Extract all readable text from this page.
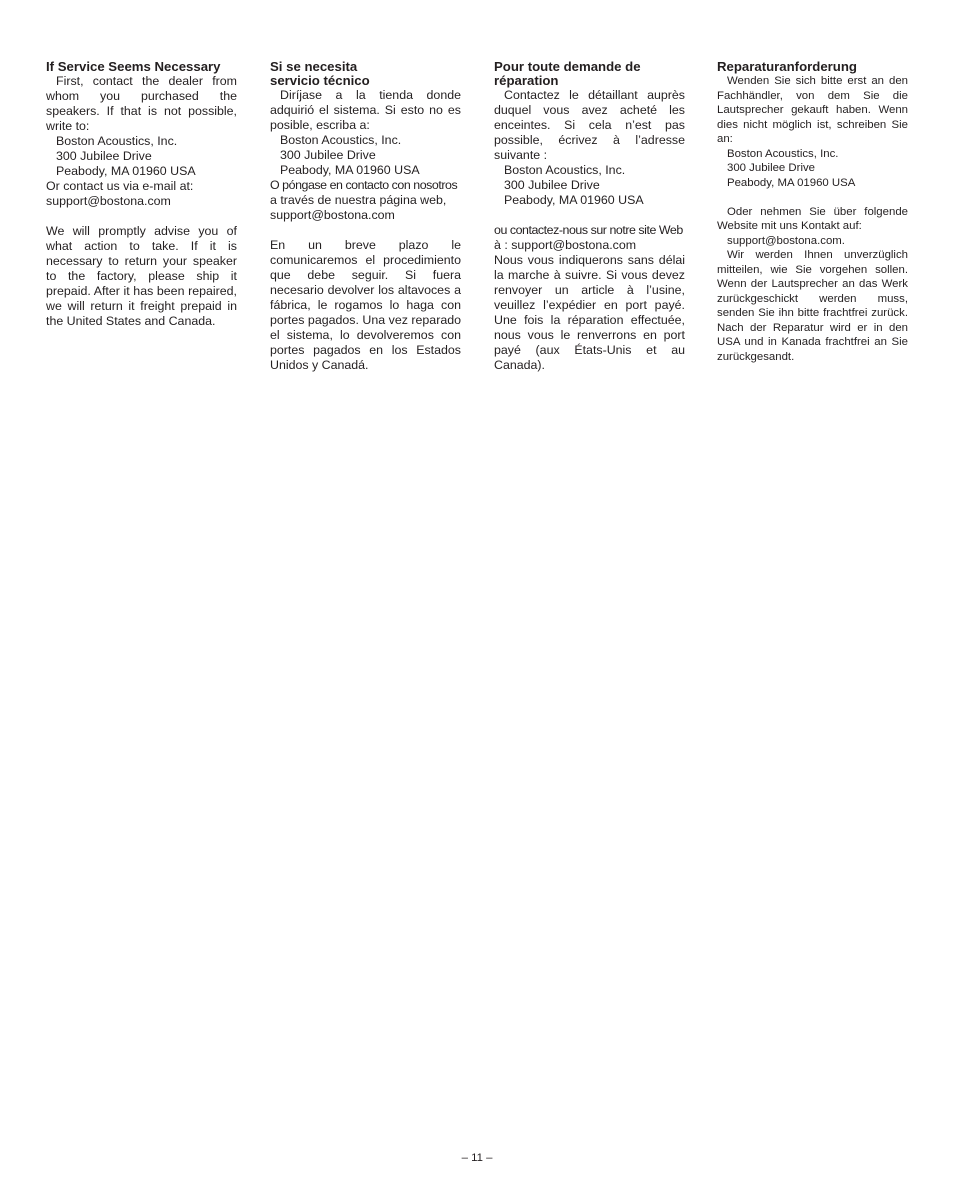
If Service Seems Necessary

First, contact the dealer from whom you purchased the speakers. If that is not possible, write to:

Boston Acoustics, Inc.
300 Jubilee Drive
Peabody, MA 01960 USA

Or contact us via e-mail at:

support@bostona.com

We will promptly advise you of what action to take. If it is necessary to return your speaker to the factory, please ship it prepaid. After it has been repaired, we will return it freight prepaid in the United States and Canada.

Si se necesita
servicio técnico

Diríjase a la tienda donde adquirió el sistema. Si esto no es posible, escriba a:

Boston Acoustics, Inc.
300 Jubilee Drive
Peabody, MA 01960 USA

O póngase en contacto con nosotros

a través de nuestra página web,

support@bostona.com

En un breve plazo le comunicaremos el procedimiento que debe seguir. Si fuera necesario devolver los altavoces a fábrica, le rogamos lo haga con portes pagados. Una vez reparado el sistema, lo devolveremos con portes pagados en los Estados Unidos y Canadá.

Pour toute demande de
réparation

Contactez le détaillant auprès duquel vous avez acheté les enceintes. Si cela n’est pas possible, écrivez à l’adresse suivante :

Boston Acoustics, Inc.
300 Jubilee Drive
Peabody, MA 01960 USA

ou contactez-nous sur notre site Web

à : support@bostona.com

Nous vous indiquerons sans délai la marche à suivre. Si vous devez renvoyer un article à l’usine, veuillez l’expédier en port payé. Une fois la réparation effectuée, nous vous le renverrons en port payé (aux États-Unis et au Canada).

Reparaturanforderung

Wenden Sie sich bitte erst an den Fachhändler, von dem Sie die Lautsprecher gekauft haben. Wenn dies nicht möglich ist, schreiben Sie an:

Boston Acoustics, Inc.
300 Jubilee Drive
Peabody, MA 01960 USA

Oder nehmen Sie über folgende Website mit uns Kontakt auf:

support@bostona.com.

Wir werden Ihnen unverzüglich mitteilen, wie Sie vorgehen sollen. Wenn der Lautsprecher an das Werk zurückgeschickt werden muss, senden Sie ihn bitte frachtfrei zurück. Nach der Reparatur wird er in den USA und in Kanada frachtfrei an Sie zurückgesandt.

– 11 –
